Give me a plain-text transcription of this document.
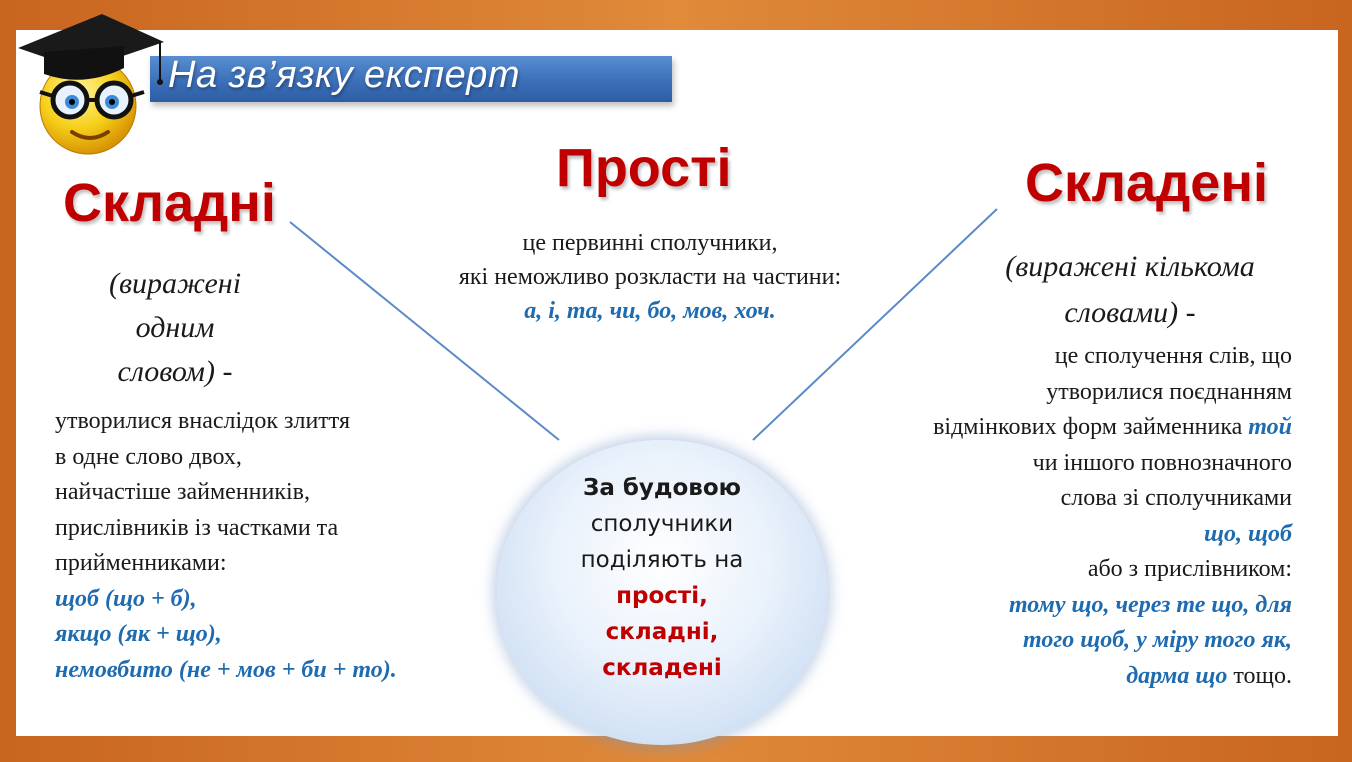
На зв’язку експерт
Складні
Прості	Складені
(виражені
одним
словом) -
утворилися внаслідок злиття
в одне слово двох,
найчастіше займенників,
прислівників із частками та
прийменниками:
щоб (що + б),
якщо (як + що),
немовбито (не + мов + би + то).
це первинні сполучники,
які неможливо розкласти на частини:
а, і, та, чи, бо, мов, хоч.
(виражені кількома
словами) -
це сполучення слів, що
утворилися поєднанням
відмінкових форм займенника той
чи іншого повнозначного
слова зі сполучниками
що, щоб
або з прислівником:
тому що, через те що, для
того щоб, у міру того як,
дарма що тощо.
За будовою
сполучники
поділяють на
прості,
складні,
складені
